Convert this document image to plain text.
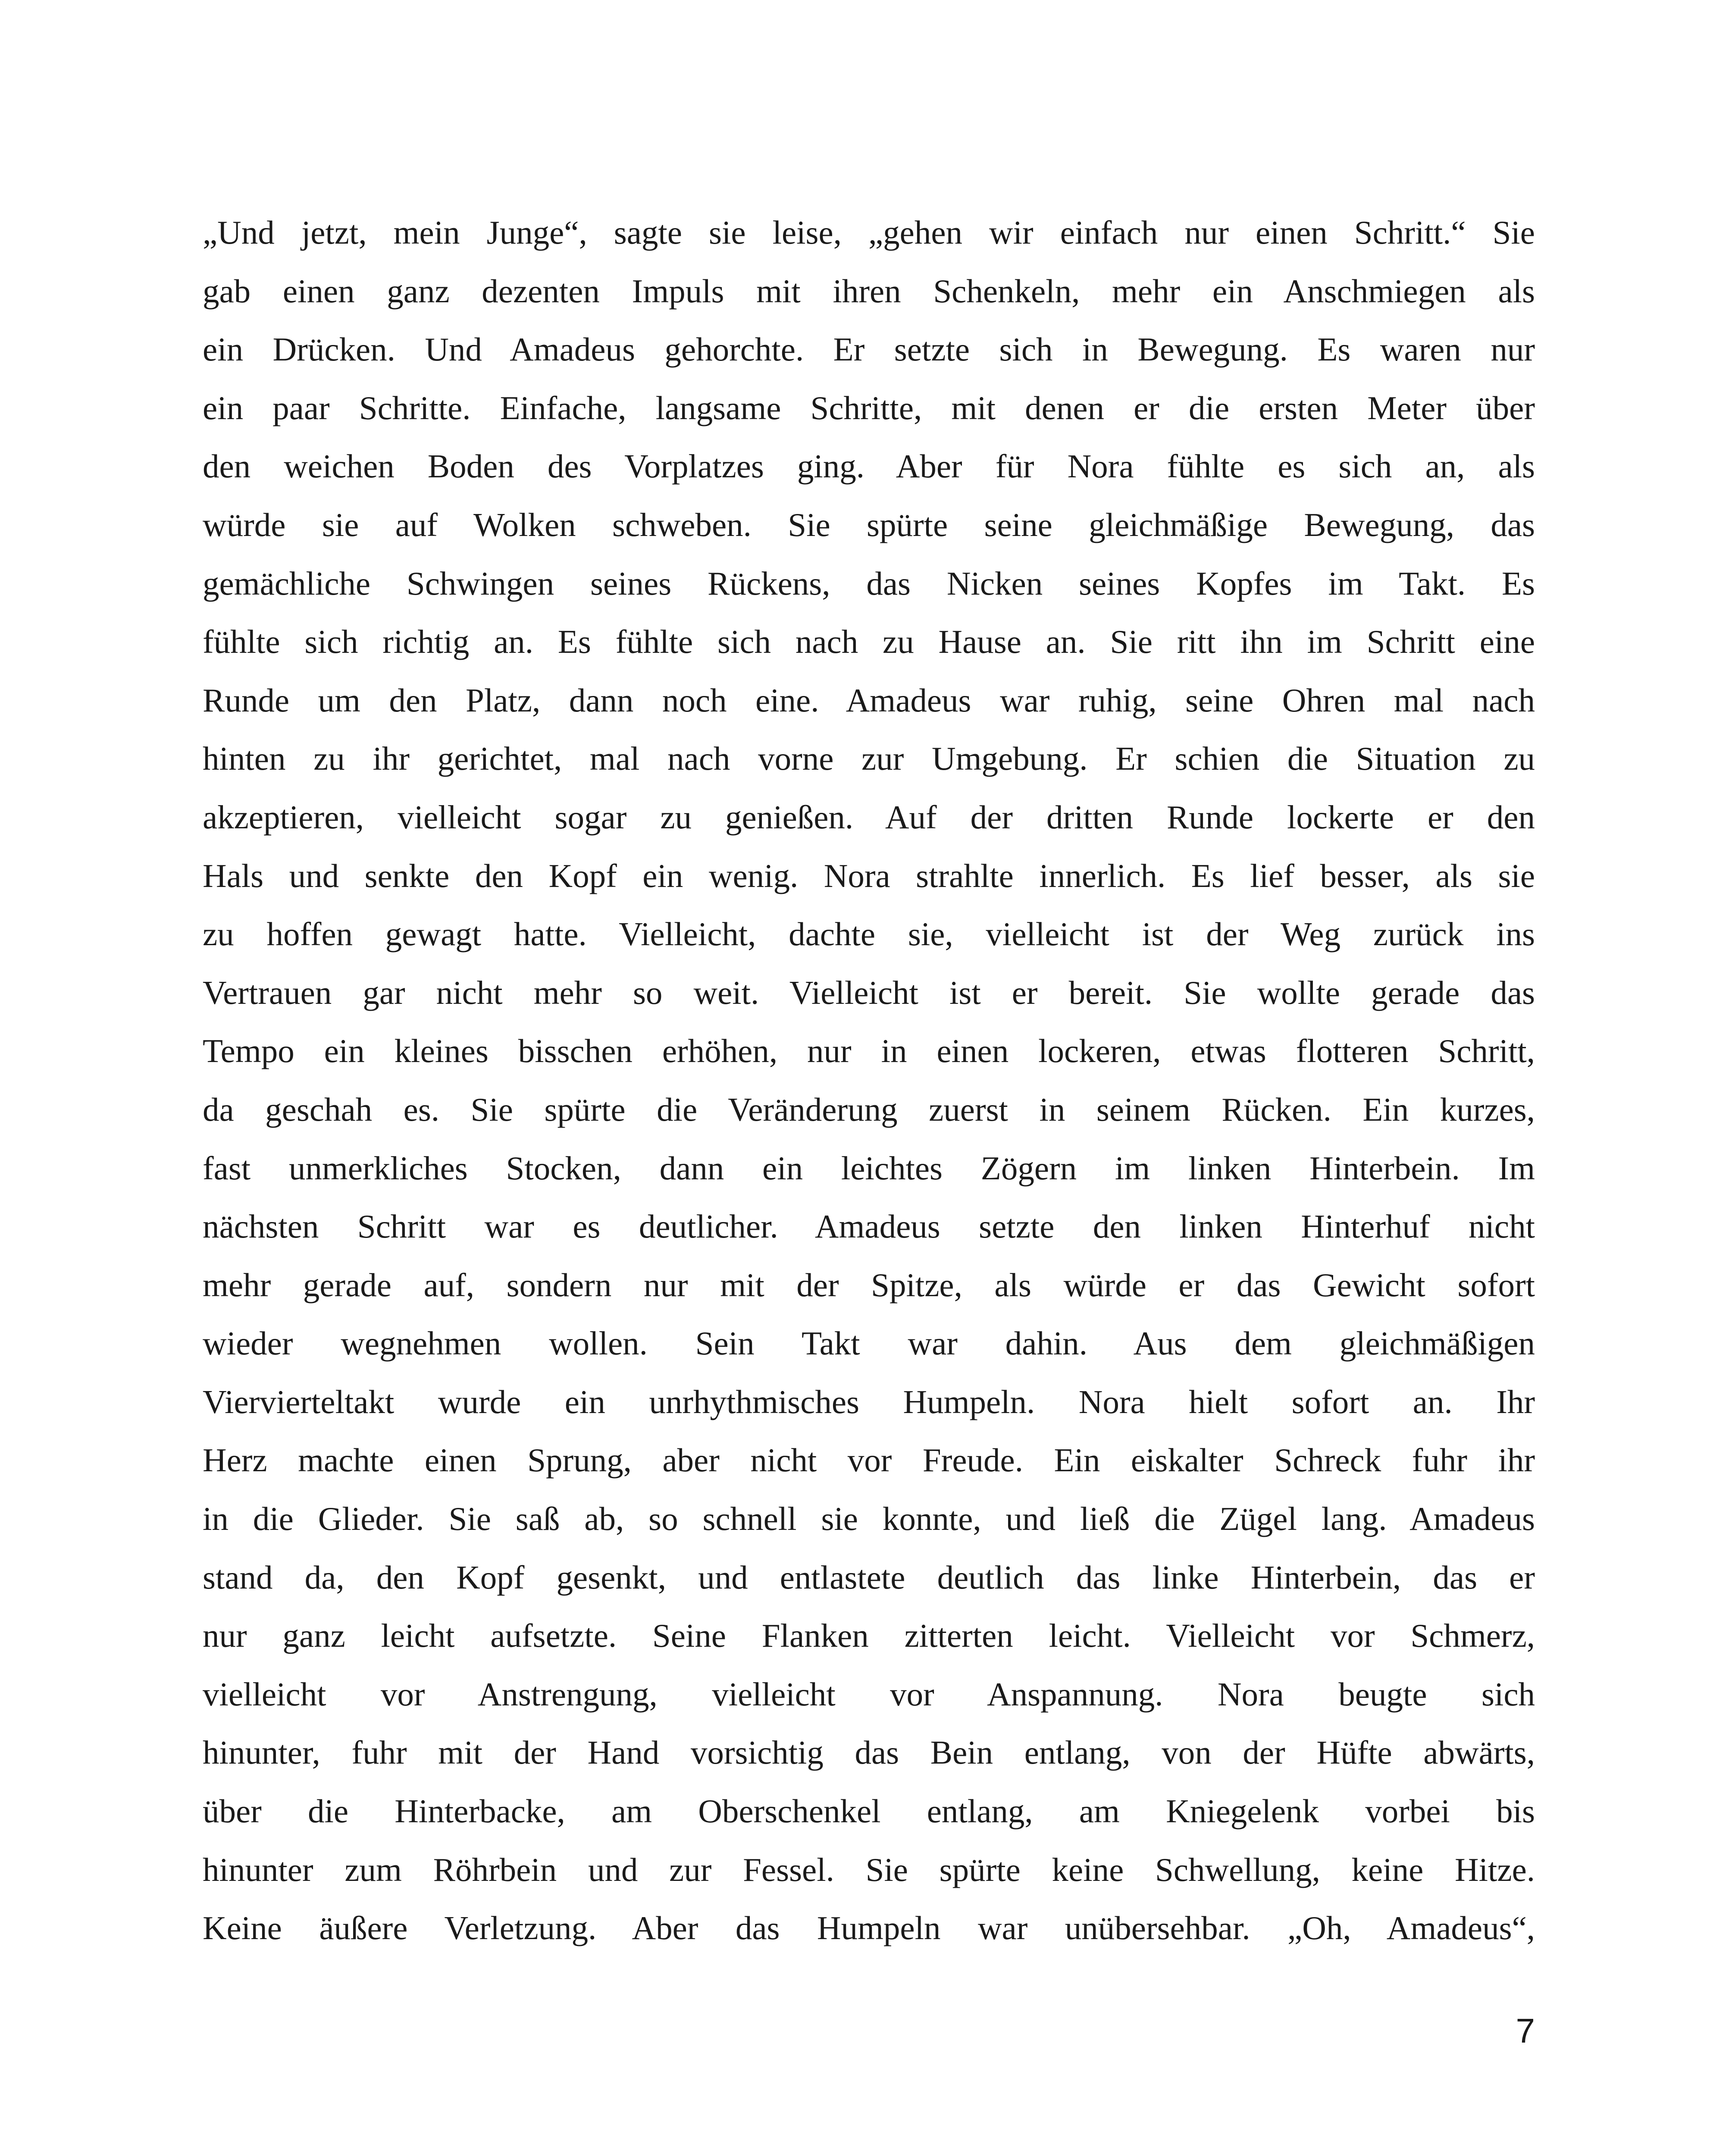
„Und jetzt, mein Junge“, sagte sie leise, „gehen wir einfach nur einen Schritt.“ Sie
gab einen ganz dezenten Impuls mit ihren Schenkeln, mehr ein Anschmiegen als
ein Drücken. Und Amadeus gehorchte. Er setzte sich in Bewegung. Es waren nur
ein paar Schritte. Einfache, langsame Schritte, mit denen er die ersten Meter über
den weichen Boden des Vorplatzes ging. Aber für Nora fühlte es sich an, als
würde sie auf Wolken schweben. Sie spürte seine gleichmäßige Bewegung, das
gemächliche Schwingen seines Rückens, das Nicken seines Kopfes im Takt. Es
fühlte sich richtig an. Es fühlte sich nach zu Hause an. Sie ritt ihn im Schritt eine
Runde um den Platz, dann noch eine. Amadeus war ruhig, seine Ohren mal nach
hinten zu ihr gerichtet, mal nach vorne zur Umgebung. Er schien die Situation zu
akzeptieren, vielleicht sogar zu genießen. Auf der dritten Runde lockerte er den
Hals und senkte den Kopf ein wenig. Nora strahlte innerlich. Es lief besser, als sie
zu hoffen gewagt hatte. Vielleicht, dachte sie, vielleicht ist der Weg zurück ins
Vertrauen gar nicht mehr so weit. Vielleicht ist er bereit. Sie wollte gerade das
Tempo ein kleines bisschen erhöhen, nur in einen lockeren, etwas flotteren Schritt,
da geschah es. Sie spürte die Veränderung zuerst in seinem Rücken. Ein kurzes,
fast unmerkliches Stocken, dann ein leichtes Zögern im linken Hinterbein. Im
nächsten Schritt war es deutlicher. Amadeus setzte den linken Hinterhuf nicht
mehr gerade auf, sondern nur mit der Spitze, als würde er das Gewicht sofort
wieder wegnehmen wollen. Sein Takt war dahin. Aus dem gleichmäßigen
Viervierteltakt wurde ein unrhythmisches Humpeln. Nora hielt sofort an. Ihr
Herz machte einen Sprung, aber nicht vor Freude. Ein eiskalter Schreck fuhr ihr
in die Glieder. Sie saß ab, so schnell sie konnte, und ließ die Zügel lang. Amadeus
stand da, den Kopf gesenkt, und entlastete deutlich das linke Hinterbein, das er
nur ganz leicht aufsetzte. Seine Flanken zitterten leicht. Vielleicht vor Schmerz,
vielleicht vor Anstrengung, vielleicht vor Anspannung. Nora beugte sich
hinunter, fuhr mit der Hand vorsichtig das Bein entlang, von der Hüfte abwärts,
über die Hinterbacke, am Oberschenkel entlang, am Kniegelenk vorbei bis
hinunter zum Röhrbein und zur Fessel. Sie spürte keine Schwellung, keine Hitze.
Keine äußere Verletzung. Aber das Humpeln war unübersehbar. „Oh, Amadeus“,
7
